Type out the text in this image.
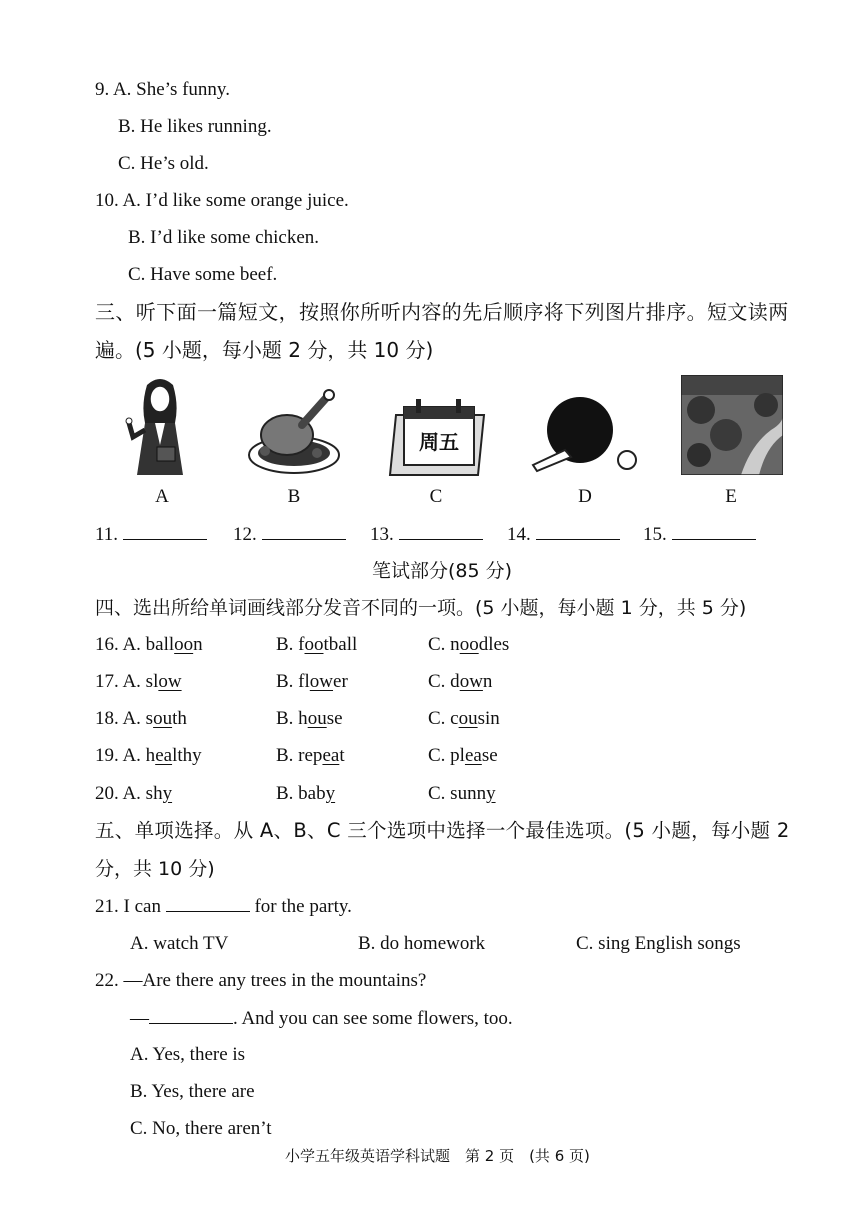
9. A. She’s funny.
B. He likes running.
C. He’s old.
10. A. I’d like some orange juice.
B. I’d like some chicken.
C. Have some beef.
三、听下面一篇短文，按照你所听内容的先后顺序将下列图片排序。短文读两
遍。(5 小题，每小题 2 分，共 10 分)
A	B
周五
C	D	E
11.	12.	13.	14.	15.
笔试部分(85 分)
四、选出所给单词画线部分发音不同的一项。(5 小题，每小题 1 分，共 5 分)
16. A. balloon	B. football	C. noodles
17. A. slow	B. flower	C. down
18. A. south	B. house	C. cousin
19. A. healthy	B. repeat	C. please
20. A. shy	B. baby	C. sunny
五、单项选择。从 A、B、C 三个选项中选择一个最佳选项。(5 小题，每小题 2
分，共 10 分)
21. I can	for the party.
A. watch TV	B. do homework	C. sing English songs
22. —Are there any trees in the mountains?
—	. And you can see some flowers, too.
A. Yes, there is
B. Yes, there are
C. No, there aren’t
小学五年级英语学科试题　第 2 页　(共 6 页)
